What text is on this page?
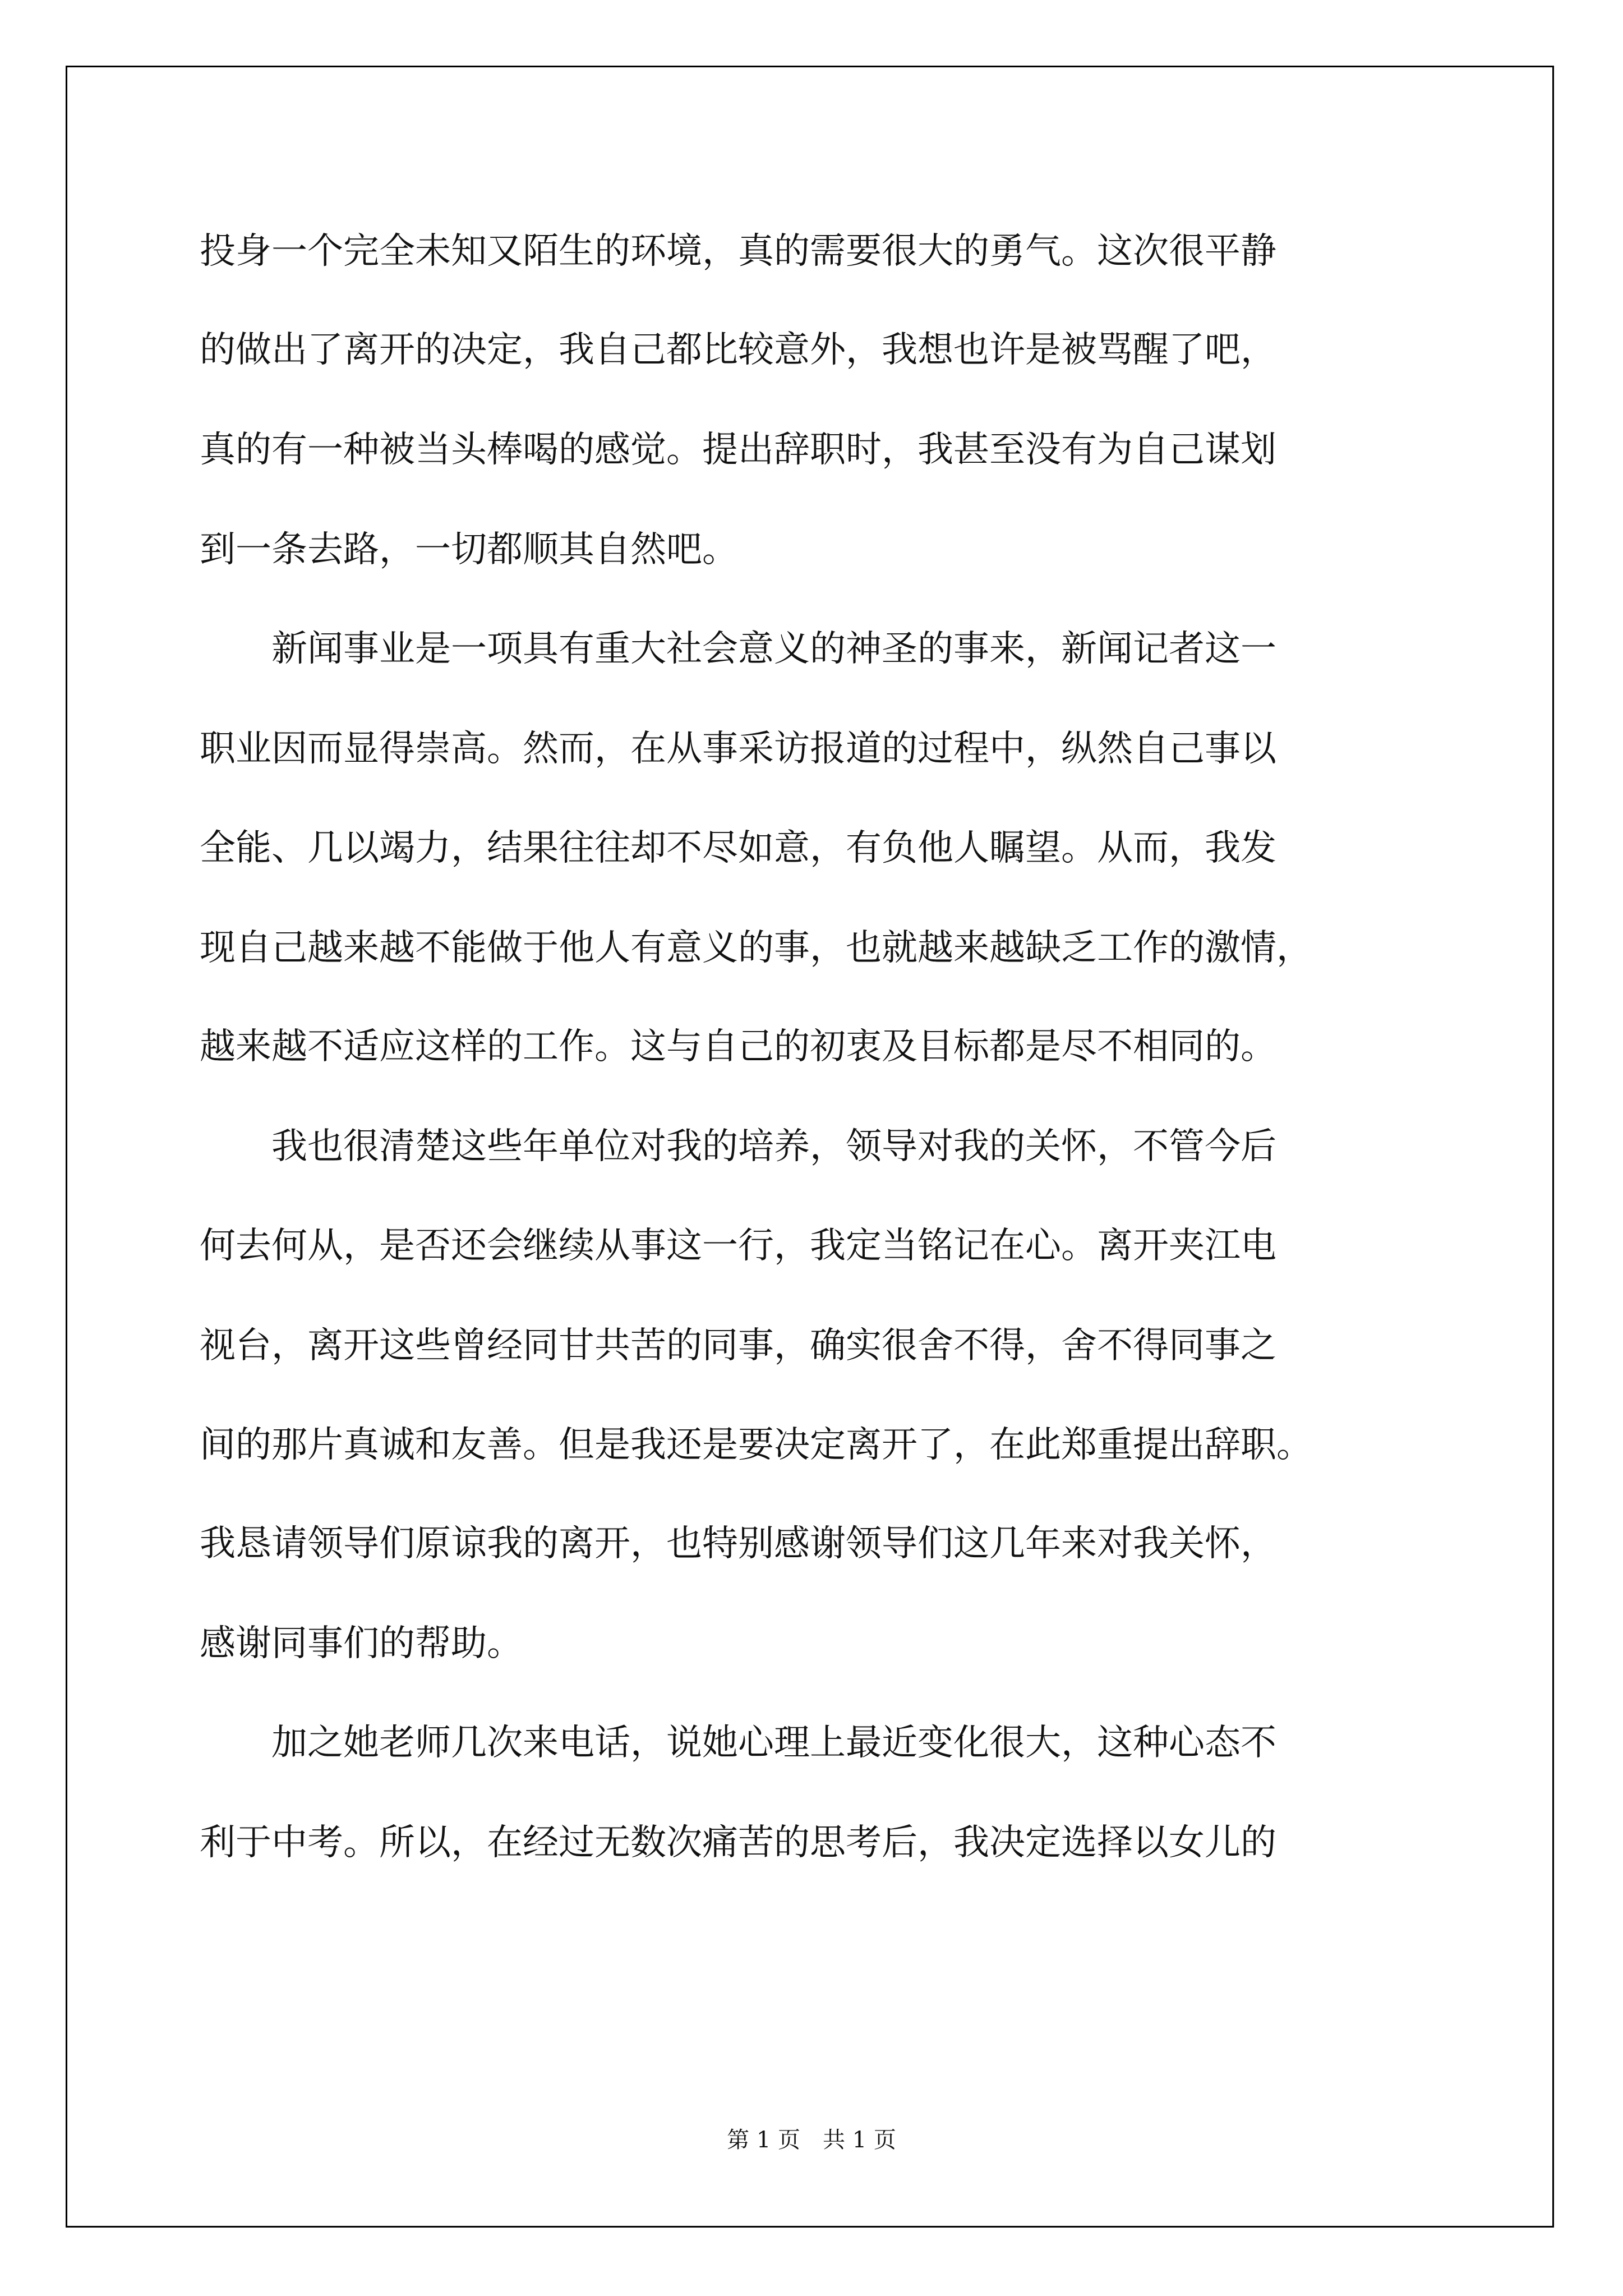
投身一个完全未知又陌生的环境，真的需要很大的勇气。这次很平静
的做出了离开的决定，我自己都比较意外，我想也许是被骂醒了吧，
真的有一种被当头棒喝的感觉。提出辞职时，我甚至没有为自己谋划
到一条去路，一切都顺其自然吧。
　　新闻事业是一项具有重大社会意义的神圣的事来，新闻记者这一
职业因而显得崇高。然而，在从事采访报道的过程中，纵然自己事以
全能、几以竭力，结果往往却不尽如意，有负他人瞩望。从而，我发
现自己越来越不能做于他人有意义的事，也就越来越缺乏工作的激情，
越来越不适应这样的工作。这与自己的初衷及目标都是尽不相同的。
　　我也很清楚这些年单位对我的培养，领导对我的关怀，不管今后
何去何从，是否还会继续从事这一行，我定当铭记在心。离开夹江电
视台，离开这些曾经同甘共苦的同事，确实很舍不得，舍不得同事之
间的那片真诚和友善。但是我还是要决定离开了，在此郑重提出辞职。
我恳请领导们原谅我的离开，也特别感谢领导们这几年来对我关怀，
感谢同事们的帮助。
　　加之她老师几次来电话，说她心理上最近变化很大，这种心态不
利于中考。所以，在经过无数次痛苦的思考后，我决定选择以女儿的
第 1 页　共 1 页
